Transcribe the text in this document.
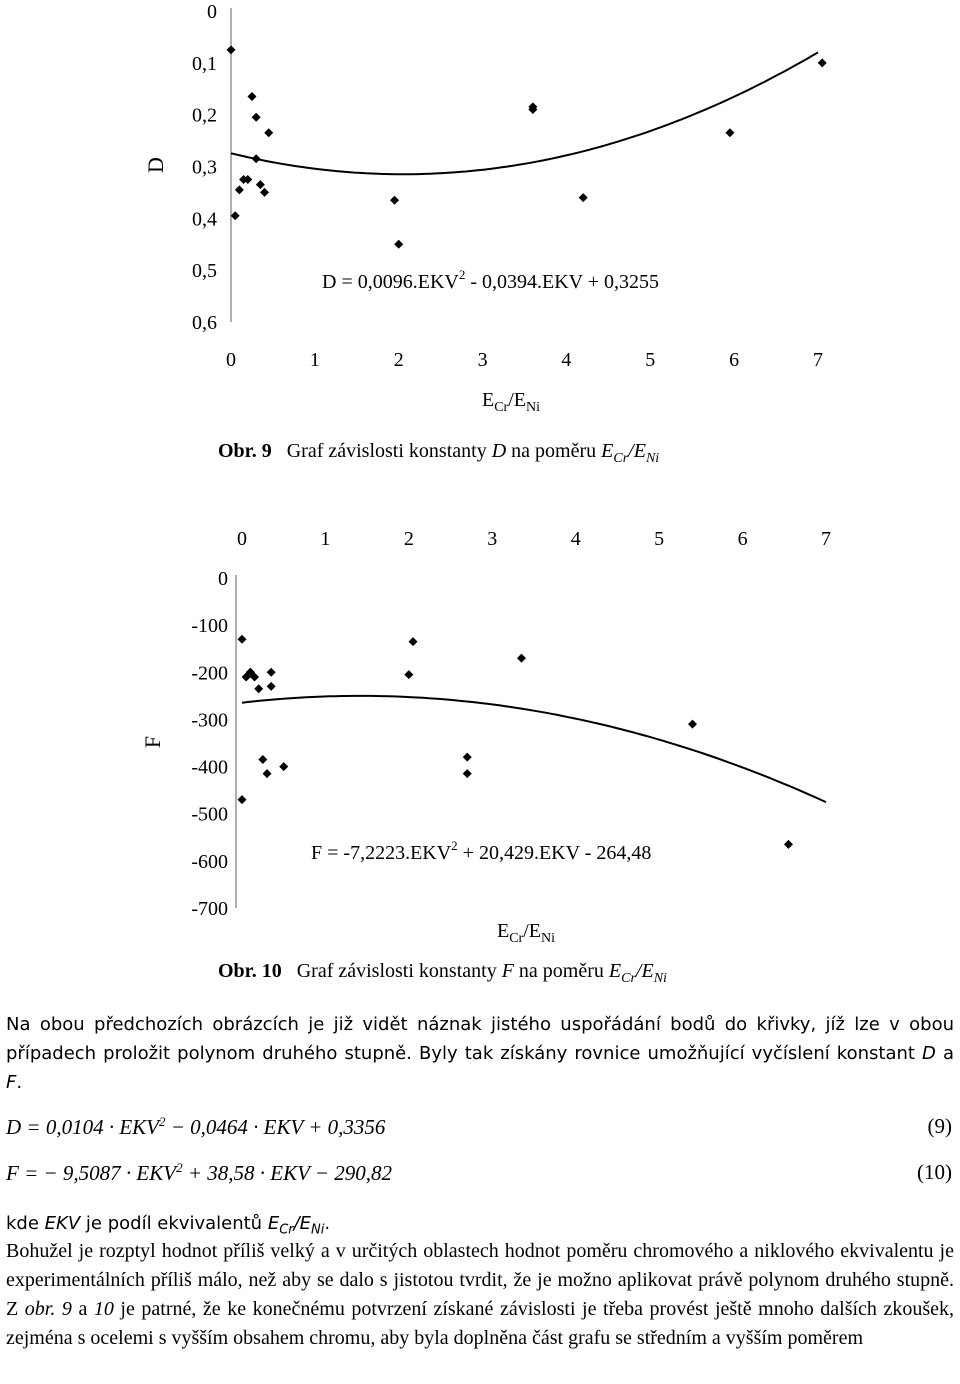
D
0
0,1
0,2
0,3
0,4
0,5
0,6
0	1	2	3	4	5	6	7
$D = 0,0096.EKV^2 - 0,0394.EKV + 0,3255$
$E_{Cr}/E_{Ni}$
Obr. 9 Graf závislosti konstanty D na poměru $E_{Cr}/E_{Ni}$
F
0
-100
-200
-300
-400
-500
-600
-700
0	1	2	3	4	5	6	7
$F = -7,2223.EKV^2 + 20,429.EKV - 264,48$
$E_{Cr}/E_{Ni}$
Obr. 10 Graf závislosti konstanty F na poměru $E_{Cr}/E_{Ni}$
Na obou předchozích obrázcích je již vidět náznak jistého uspořádání bodů do křivky, jíž lze v obou případech proložit polynom druhého stupně. Byly tak získány rovnice umožňující vyčíslení konstant D a F.
$D = 0,0104 \cdot EKV^2 - 0,0464$ · EKV + 0,3356	(9)
F = − $9,5087 \cdot EKV^2 + 38,58$ · EKV − 290,82	(10)
kde EKV je podíl ekvivalentů $E_{Cr}/E_{Ni}$.
Bohužel je rozptyl hodnot příliš velký a v určitých oblastech hodnot poměru chromového a niklového ekvivalentu je experimentálních příliš málo, než aby se dalo s jistotou tvrdit, že je možno aplikovat právě polynom druhého stupně. Z obr. 9 a 10 je patrné, že ke konečnému potvrzení získané závislosti je třeba provést ještě mnoho dalších zkoušek, zejména s ocelemi s vyšším obsahem chromu, aby byla doplněna část grafu se středním a vyšším poměrem
